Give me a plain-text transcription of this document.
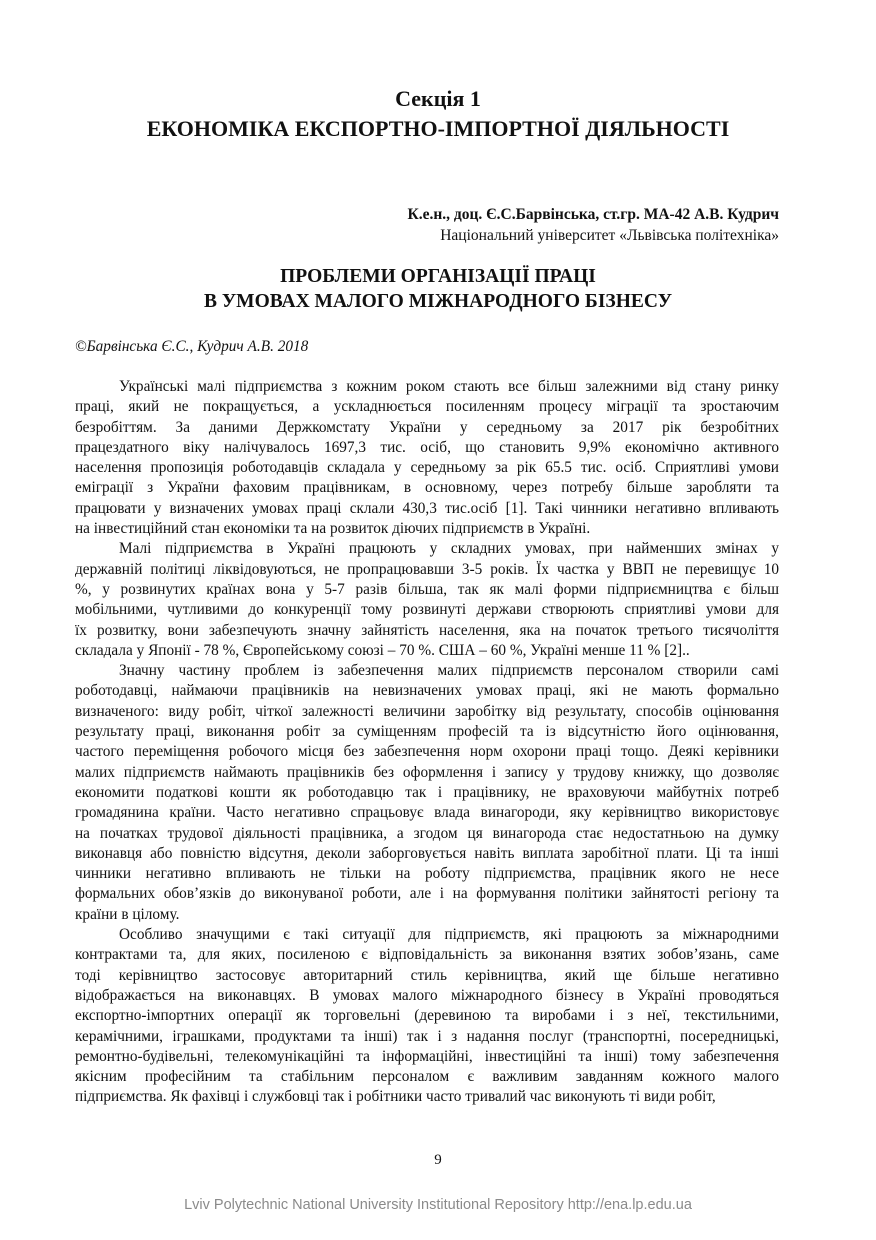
Секція 1
ЕКОНОМІКА ЕКСПОРТНО-ІМПОРТНОЇ ДІЯЛЬНОСТІ
К.е.н., доц. Є.С.Барвінська, ст.гр. МА-42 А.В. Кудрич
Національний університет «Львівська політехніка»
ПРОБЛЕМИ ОРГАНІЗАЦІЇ ПРАЦІ
В УМОВАХ МАЛОГО МІЖНАРОДНОГО БІЗНЕСУ
©Барвінська Є.С., Кудрич А.В. 2018
Українські малі підприємства з кожним роком стають все більш залежними від стану ринку
праці, який не покращується, а ускладнюється посиленням процесу міграції та зростаючим
безробіттям. За даними Держкомстату України у середньому за 2017 рік безробітних
працездатного віку налічувалось 1697,3 тис. осіб, що становить 9,9% економічно активного
населення пропозиція роботодавців складала у середньому за рік 65.5 тис. осіб. Сприятливі умови
еміграції з України фаховим працівникам, в основному, через потребу більше заробляти та
працювати у визначених умовах праці склали 430,3 тис.осіб [1]. Такі чинники негативно впливають
на інвестиційний стан економіки та на розвиток діючих підприємств в Україні.
Малі підприємства в Україні працюють у складних умовах, при найменших змінах у
державній політиці ліквідовуються, не пропрацювавши 3-5 років. Їх частка у ВВП не перевищує 10
%, у розвинутих країнах вона у 5-7 разів більша, так як малі форми підприємництва є більш
мобільними, чутливими до конкуренції тому розвинуті держави створюють сприятливі умови для
їх розвитку, вони забезпечують значну зайнятість населення, яка на початок третього тисячоліття
складала у Японії - 78 %, Європейському союзі – 70 %. США – 60 %, Україні менше 11 % [2]..
Значну частину проблем із забезпечення малих підприємств персоналом створили самі
роботодавці, наймаючи працівників на невизначених умовах праці, які не мають формально
визначеного: виду робіт, чіткої залежності величини заробітку від результату, способів оцінювання
результату праці, виконання робіт за суміщенням професій та із відсутністю його оцінювання,
частого переміщення робочого місця без забезпечення норм охорони праці тощо. Деякі керівники
малих підприємств наймають працівників без оформлення і запису у трудову книжку, що дозволяє
економити податкові кошти як роботодавцю так і працівнику, не враховуючи майбутніх потреб
громадянина країни. Часто негативно спрацьовує влада винагороди, яку керівництво використовує
на початках трудової діяльності працівника, а згодом ця винагорода стає недостатньою на думку
виконавця або повністю відсутня, деколи заборговується навіть виплата заробітної плати. Ці та інші
чинники негативно впливають не тільки на роботу підприємства, працівник якого не несе
формальних обов’язків до виконуваної роботи, але і на формування політики зайнятості регіону та
країни в цілому.
Особливо значущими є такі ситуації для підприємств, які працюють за міжнародними
контрактами та, для яких, посиленою є відповідальність за виконання взятих зобов’язань, саме
тоді керівництво застосовує авторитарний стиль керівництва, який ще більше негативно
відображається на виконавцях. В умовах малого міжнародного бізнесу в Україні проводяться
експортно-імпортних операції як торговельні (деревиною та виробами і з неї, текстильними,
керамічними, іграшками, продуктами та інші) так і з надання послуг (транспортні, посередницькі,
ремонтно-будівельні, телекомунікаційні та інформаційні, інвестиційні та інші) тому забезпечення
якісним професійним та стабільним персоналом є важливим завданням кожного малого
підприємства. Як фахівці і службовці так і робітники часто тривалий час виконують ті види робіт,
9
Lviv Polytechnic National University Institutional Repository http://ena.lp.edu.ua
